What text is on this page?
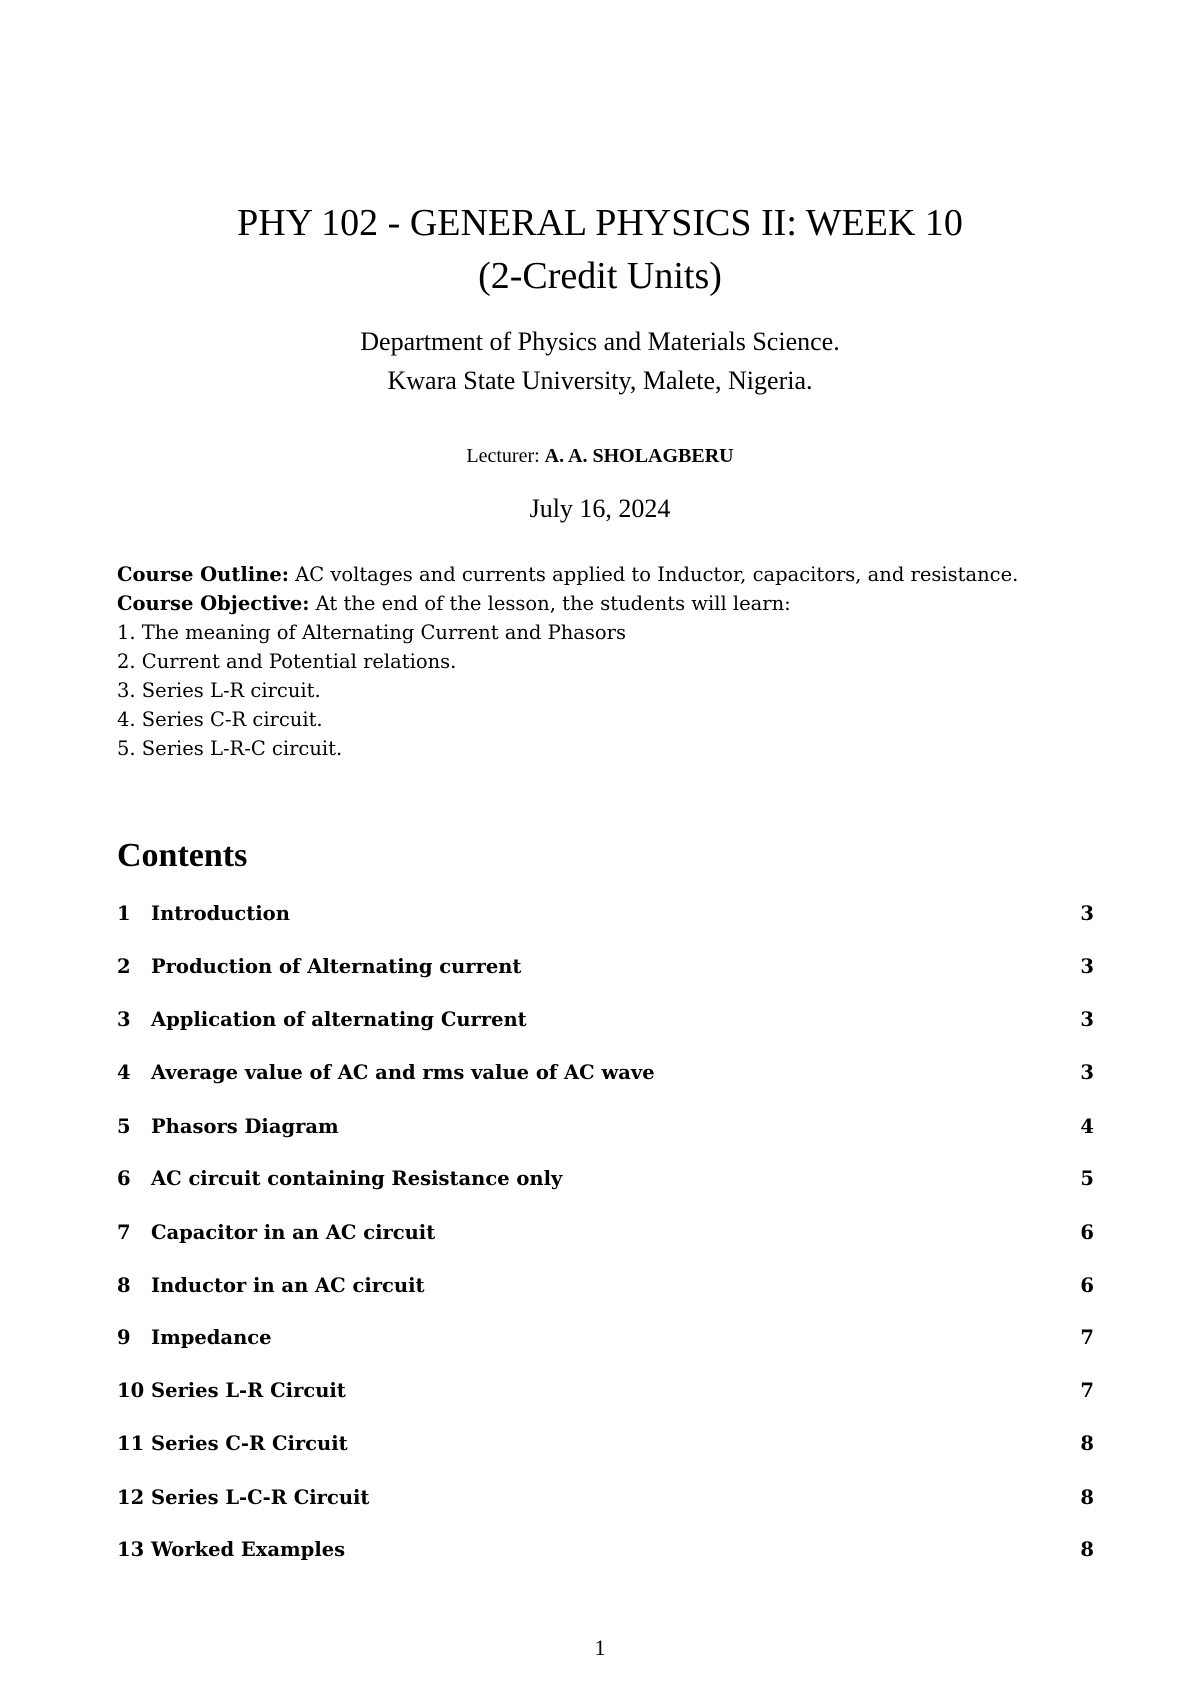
PHY 102 - GENERAL PHYSICS II: WEEK 10
(2-Credit Units)
Department of Physics and Materials Science.
Kwara State University, Malete, Nigeria.
Lecturer: A. A. SHOLAGBERU
July 16, 2024
Course Outline: AC voltages and currents applied to Inductor, capacitors, and resistance.
Course Objective: At the end of the lesson, the students will learn:
1. The meaning of Alternating Current and Phasors
2. Current and Potential relations.
3. Series L-R circuit.
4. Series C-R circuit.
5. Series L-R-C circuit.
Contents
1 Introduction	3
2 Production of Alternating current	3
3 Application of alternating Current	3
4 Average value of AC and rms value of AC wave	3
5 Phasors Diagram	4
6 AC circuit containing Resistance only	5
7 Capacitor in an AC circuit	6
8 Inductor in an AC circuit	6
9 Impedance	7
10 Series L-R Circuit	7
11 Series C-R Circuit	8
12 Series L-C-R Circuit	8
13 Worked Examples	8
1
